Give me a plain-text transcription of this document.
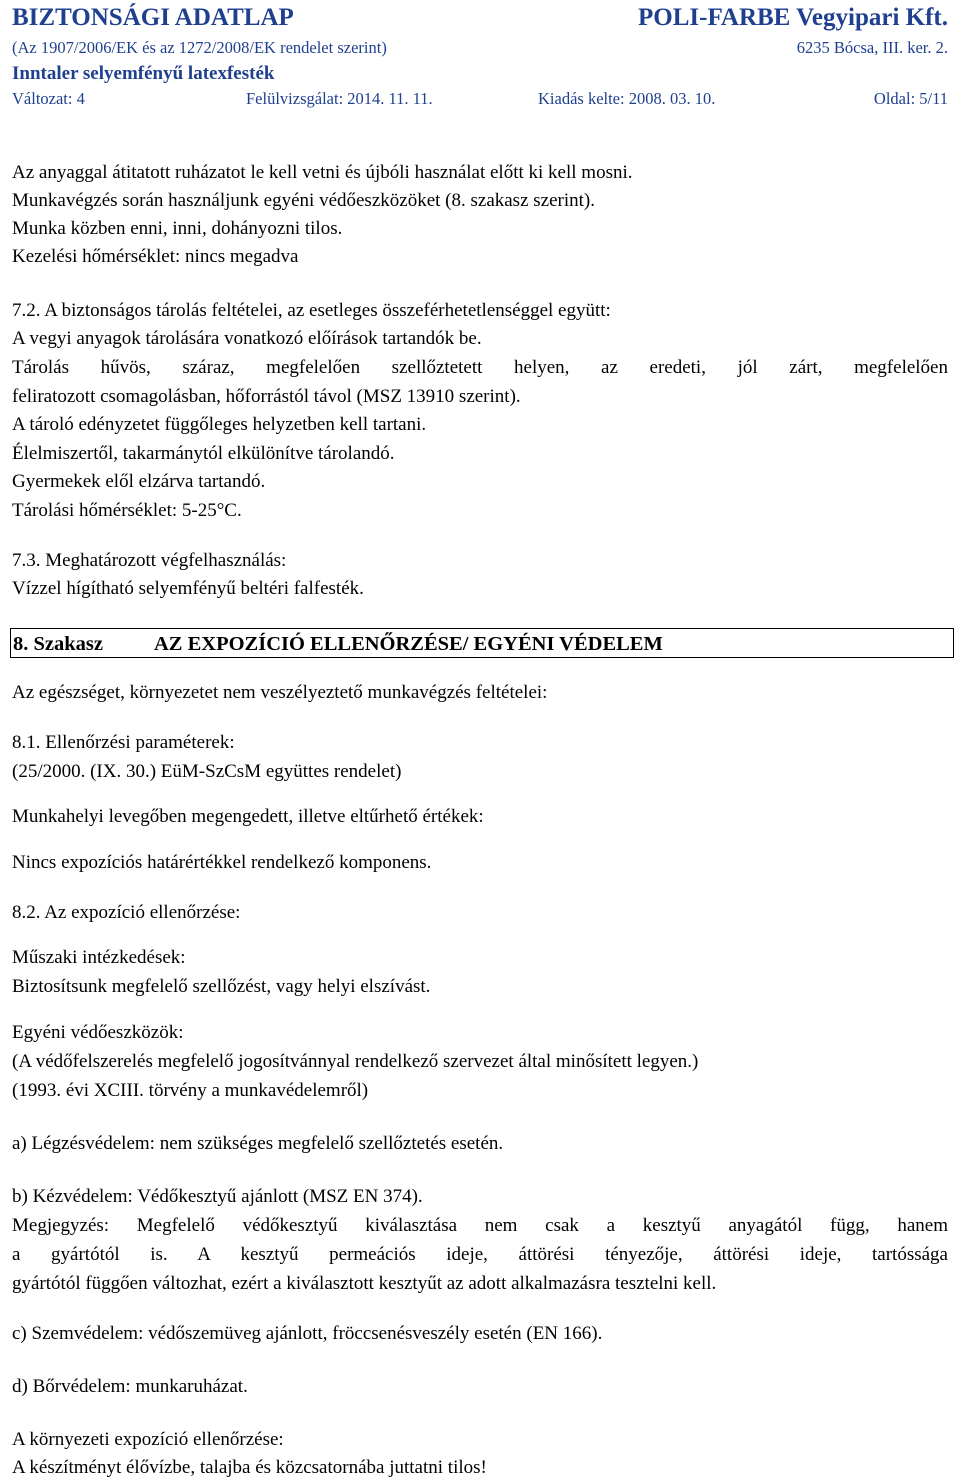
BIZTONSÁGI ADATLAP	POLI-FARBE Vegyipari Kft.
(Az 1907/2006/EK és az 1272/2008/EK rendelet szerint)	6235 Bócsa, III. ker. 2.
Inntaler selyemfényű latexfesték
Változat: 4	Felülvizsgálat: 2014. 11. 11.	Kiadás kelte: 2008. 03. 10.	Oldal: 5/11
Az anyaggal átitatott ruházatot le kell vetni és újbóli használat előtt ki kell mosni.
Munkavégzés során használjunk egyéni védőeszközöket (8. szakasz szerint).
Munka közben enni, inni, dohányozni tilos.
Kezelési hőmérséklet: nincs megadva
7.2. A biztonságos tárolás feltételei, az esetleges összeférhetetlenséggel együtt:
A vegyi anyagok tárolására vonatkozó előírások tartandók be.
Tárolás hűvös, száraz, megfelelően szellőztetett helyen, az eredeti, jól zárt, megfelelően
feliratozott csomagolásban, hőforrástól távol (MSZ 13910 szerint).
A tároló edényzetet függőleges helyzetben kell tartani.
Élelmiszertől, takarmánytól elkülönítve tárolandó.
Gyermekek elől elzárva tartandó.
Tárolási hőmérséklet: 5-25°C.
7.3. Meghatározott végfelhasználás:
Vízzel hígítható selyemfényű beltéri falfesték.
8. Szakasz AZ EXPOZÍCIÓ ELLENŐRZÉSE/ EGYÉNI VÉDELEM
Az egészséget, környezetet nem veszélyeztető munkavégzés feltételei:
8.1. Ellenőrzési paraméterek:
(25/2000. (IX. 30.) EüM-SzCsM együttes rendelet)
Munkahelyi levegőben megengedett, illetve eltűrhető értékek:
Nincs expozíciós határértékkel rendelkező komponens.
8.2. Az expozíció ellenőrzése:
Műszaki intézkedések:
Biztosítsunk megfelelő szellőzést, vagy helyi elszívást.
Egyéni védőeszközök:
(A védőfelszerelés megfelelő jogosítvánnyal rendelkező szervezet által minősített legyen.)
(1993. évi XCIII. törvény a munkavédelemről)
a) Légzésvédelem: nem szükséges megfelelő szellőztetés esetén.
b) Kézvédelem: Védőkesztyű ajánlott (MSZ EN 374).
Megjegyzés: Megfelelő védőkesztyű kiválasztása nem csak a kesztyű anyagától függ, hanem
a gyártótól is. A kesztyű permeációs ideje, áttörési tényezője, áttörési ideje, tartóssága
gyártótól függően változhat, ezért a kiválasztott kesztyűt az adott alkalmazásra tesztelni kell.
c) Szemvédelem: védőszemüveg ajánlott, fröccsenésveszély esetén (EN 166).
d) Bőrvédelem: munkaruházat.
A környezeti expozíció ellenőrzése:
A készítményt élővízbe, talajba és közcsatornába juttatni tilos!
